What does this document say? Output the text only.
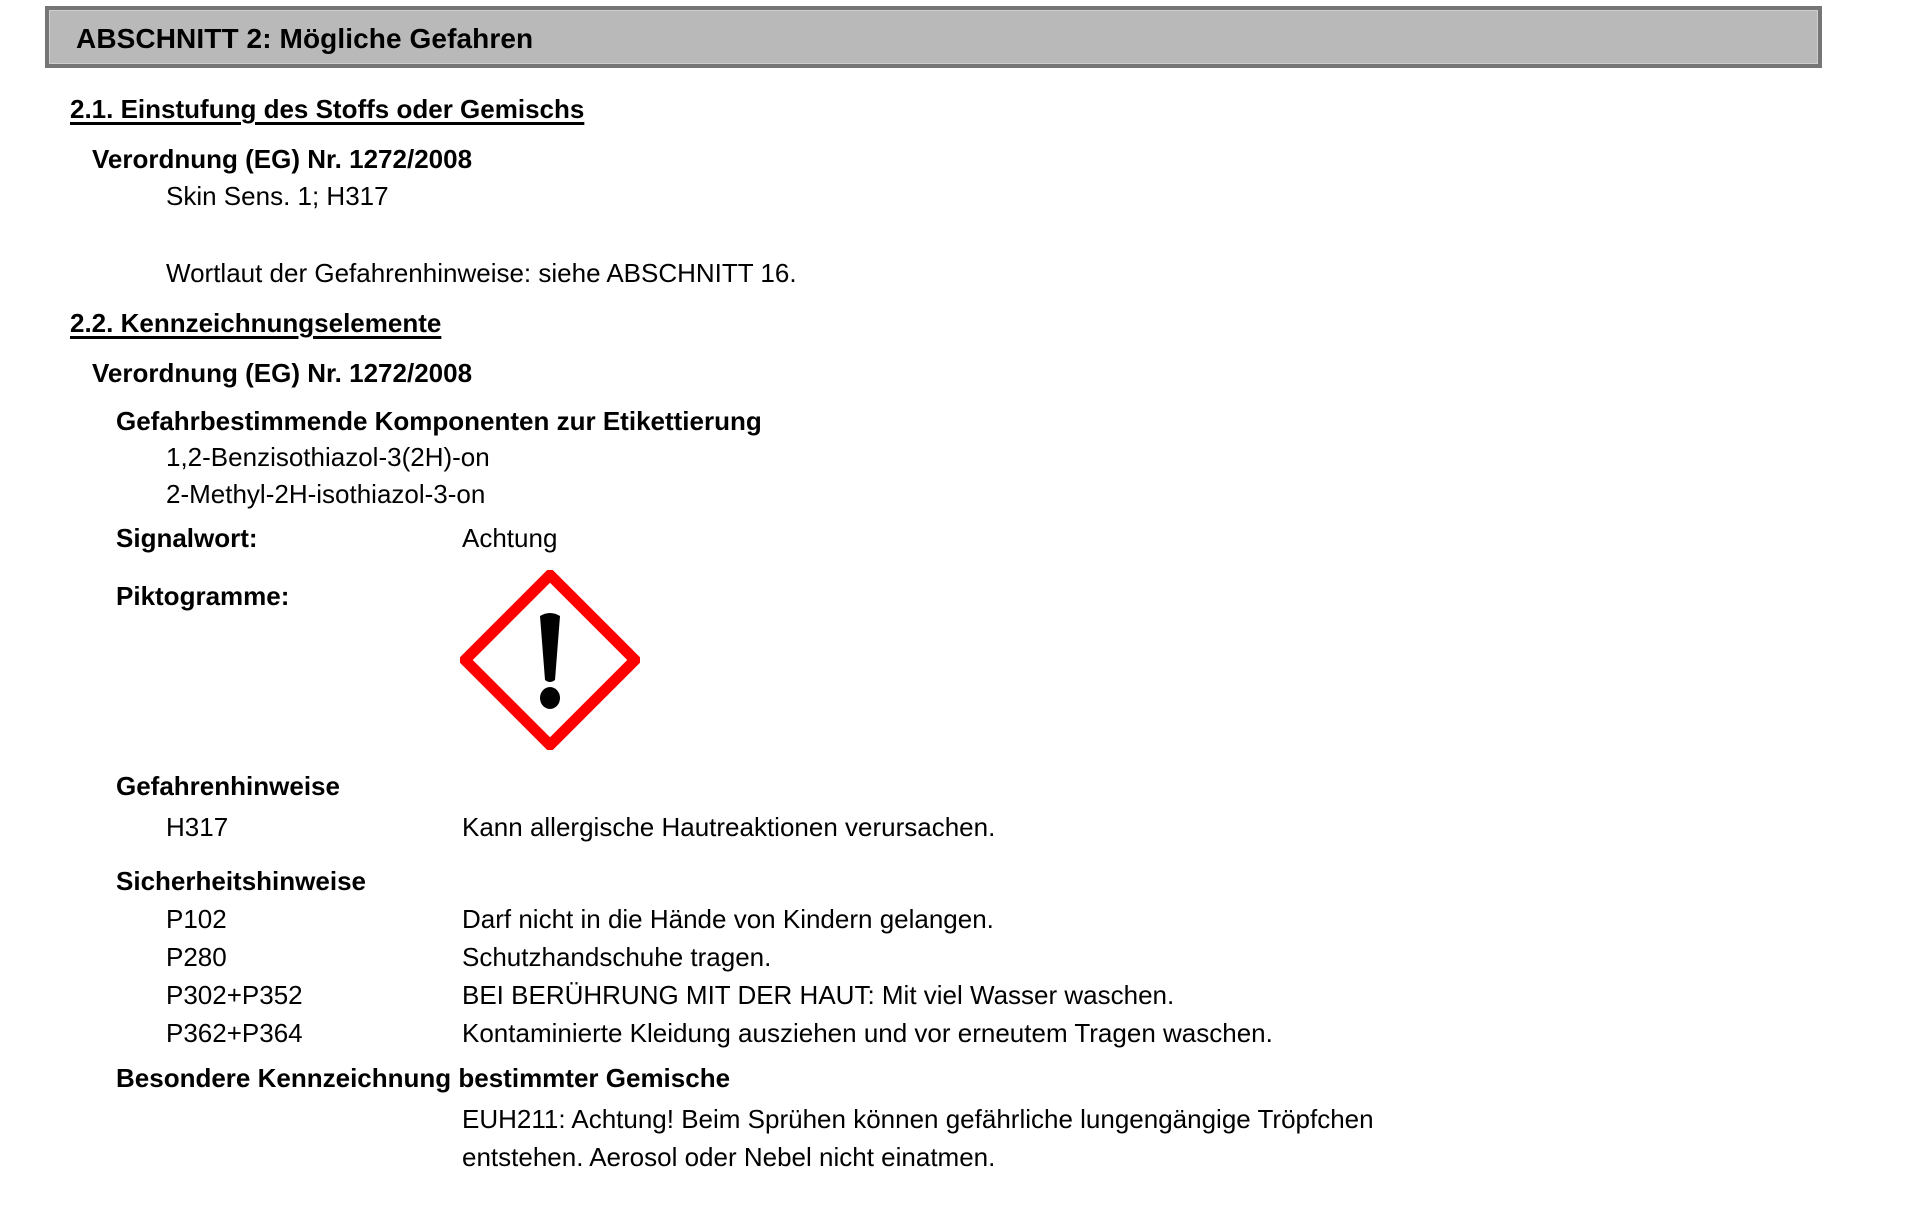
ABSCHNITT 2: Mögliche Gefahren
2.1. Einstufung des Stoffs oder Gemischs
Verordnung (EG) Nr. 1272/2008
Skin Sens. 1; H317
Wortlaut der Gefahrenhinweise: siehe ABSCHNITT 16.
2.2. Kennzeichnungselemente
Verordnung (EG) Nr. 1272/2008
Gefahrbestimmende Komponenten zur Etikettierung
1,2-Benzisothiazol-3(2H)-on
2-Methyl-2H-isothiazol-3-on
Signalwort:	Achtung
Piktogramme:
Gefahrenhinweise
H317	Kann allergische Hautreaktionen verursachen.
Sicherheitshinweise
P102	Darf nicht in die Hände von Kindern gelangen.
P280	Schutzhandschuhe tragen.
P302+P352	BEI BERÜHRUNG MIT DER HAUT: Mit viel Wasser waschen.
P362+P364	Kontaminierte Kleidung ausziehen und vor erneutem Tragen waschen.
Besondere Kennzeichnung bestimmter Gemische
EUH211: Achtung! Beim Sprühen können gefährliche lungengängige Tröpfchen
entstehen. Aerosol oder Nebel nicht einatmen.
